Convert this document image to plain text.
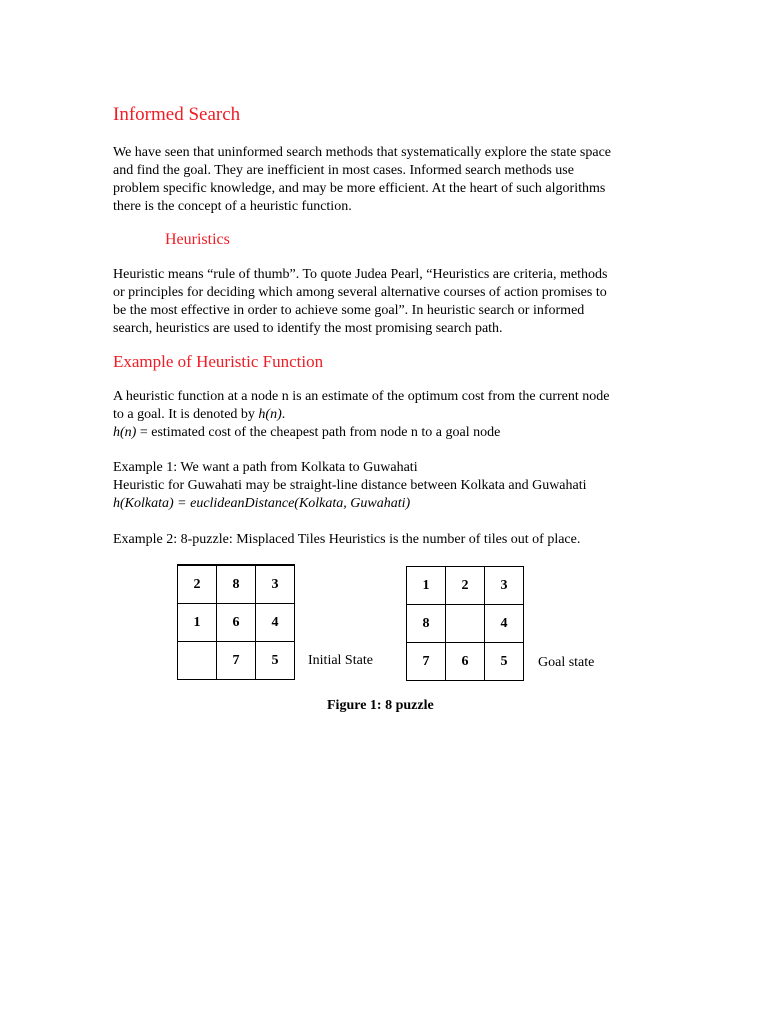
Informed Search

We have seen that uninformed search methods that systematically explore the state space
and find the goal. They are inefficient in most cases. Informed search methods use
problem specific knowledge, and may be more efficient. At the heart of such algorithms
there is the concept of a heuristic function.

Heuristics

Heuristic means “rule of thumb”. To quote Judea Pearl, “Heuristics are criteria, methods
or principles for deciding which among several alternative courses of action promises to
be the most effective in order to achieve some goal”. In heuristic search or informed
search, heuristics are used to identify the most promising search path.

Example of Heuristic Function

A heuristic function at a node n is an estimate of the optimum cost from the current node
to a goal. It is denoted by h(n).
h(n) = estimated cost of the cheapest path from node n to a goal node

Example 1: We want a path from Kolkata to Guwahati
Heuristic for Guwahati may be straight-line distance between Kolkata and Guwahati
h(Kolkata) = euclideanDistance(Kolkata, Guwahati)

Example 2: 8-puzzle: Misplaced Tiles Heuristics is the number of tiles out of place.

2	8	3
1	6	4
	7	5 Initial State
1	2	3
8		4
7	6	5 Goal state
Figure 1: 8 puzzle
